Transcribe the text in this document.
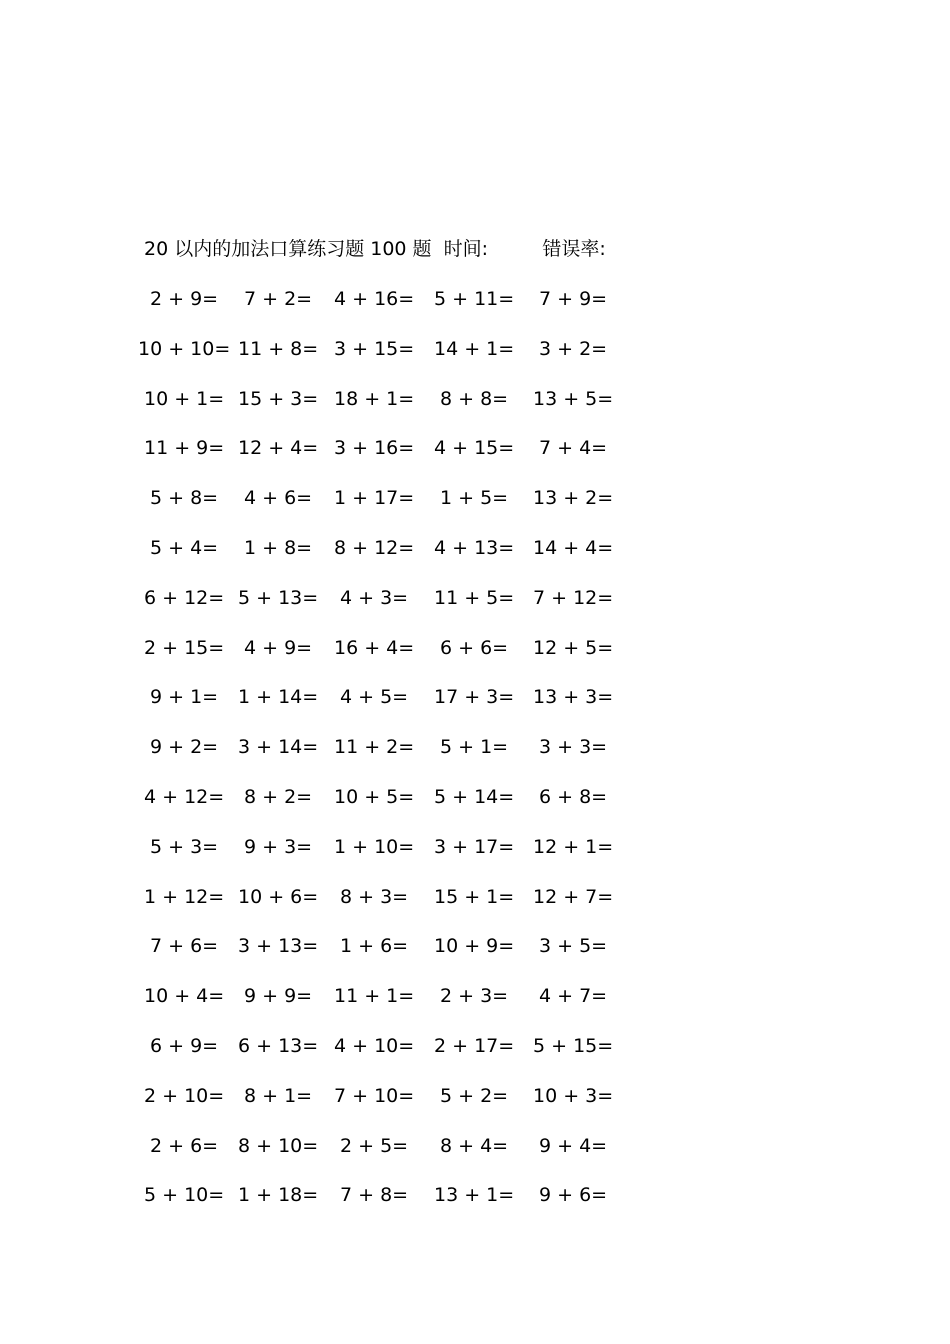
20 以内的加法口算练习题 100 题 时间:	错误率:
2 + 9= 7 + 2= 4 + 16= 5 + 11= 7 + 9=
10 + 10= 11 + 8= 3 + 15= 14 + 1= 3 + 2=
10 + 1= 15 + 3= 18 + 1= 8 + 8= 13 + 5=
11 + 9= 12 + 4= 3 + 16= 4 + 15= 7 + 4=
5 + 8= 4 + 6= 1 + 17= 1 + 5= 13 + 2=
5 + 4= 1 + 8= 8 + 12= 4 + 13= 14 + 4=
6 + 12= 5 + 13= 4 + 3= 11 + 5= 7 + 12=
2 + 15= 4 + 9= 16 + 4= 6 + 6= 12 + 5=
9 + 1= 1 + 14= 4 + 5= 17 + 3= 13 + 3=
9 + 2= 3 + 14= 11 + 2= 5 + 1= 3 + 3=
4 + 12= 8 + 2= 10 + 5= 5 + 14= 6 + 8=
5 + 3= 9 + 3= 1 + 10= 3 + 17= 12 + 1=
1 + 12= 10 + 6= 8 + 3= 15 + 1= 12 + 7=
7 + 6= 3 + 13= 1 + 6= 10 + 9= 3 + 5=
10 + 4= 9 + 9= 11 + 1= 2 + 3= 4 + 7=
6 + 9= 6 + 13= 4 + 10= 2 + 17= 5 + 15=
2 + 10= 8 + 1= 7 + 10= 5 + 2= 10 + 3=
2 + 6= 8 + 10= 2 + 5= 8 + 4= 9 + 4=
5 + 10= 1 + 18= 7 + 8= 13 + 1= 9 + 6=
